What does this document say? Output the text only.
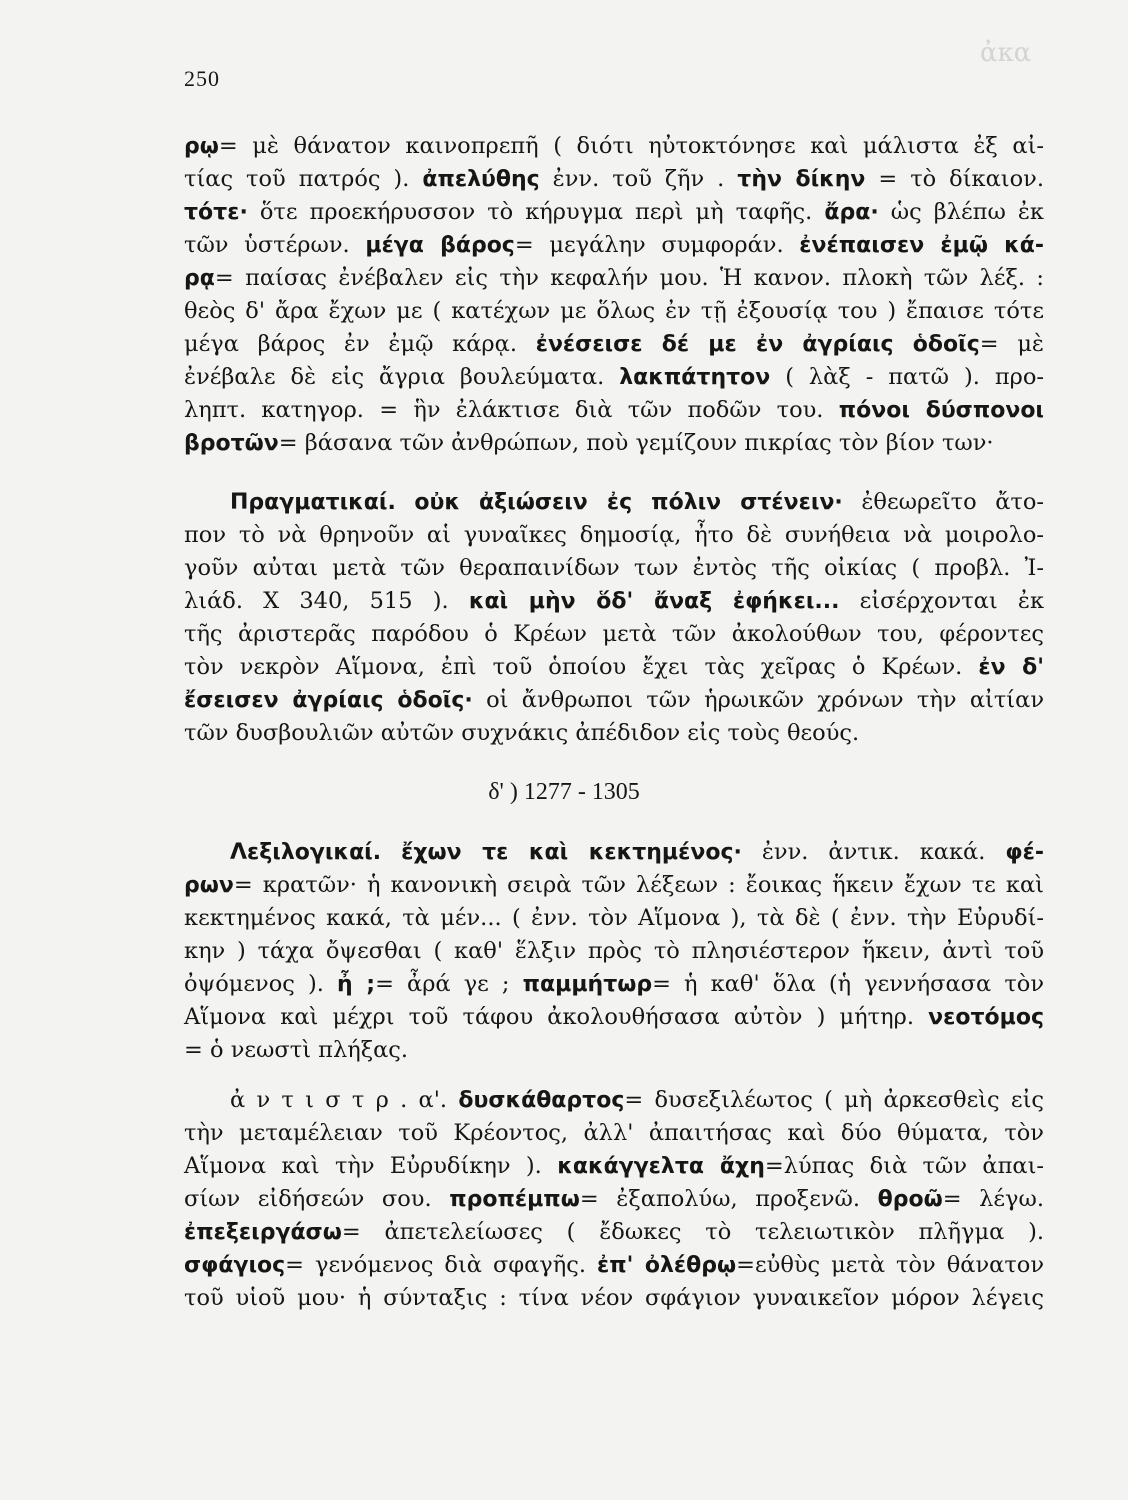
ἀκα
250
ρῳ= μὲ θάνατον καινοπρεπῆ ( διότι ηὐτοκτόνησε καὶ μάλιστα ἐξ αἰ-
τίας τοῦ πατρός ). ἀπελύθης ἐνν. τοῦ ζῆν . τὴν δίκην = τὸ δίκαιον.
τότε· ὅτε προεκήρυσσον τὸ κήρυγμα περὶ μὴ ταφῆς. ἄρα· ὡς βλέπω ἐκ
τῶν ὑστέρων. μέγα βάρος= μεγάλην συμφοράν. ἐνέπαισεν ἐμῷ κά-
ρᾳ= παίσας ἐνέβαλεν εἰς τὴν κεφαλήν μου. Ἡ κανον. πλοκὴ τῶν λέξ. :
θεὸς δ' ἄρα ἔχων με ( κατέχων με ὅλως ἐν τῇ ἐξουσίᾳ του ) ἔπαισε τότε
μέγα βάρος ἐν ἐμῷ κάρᾳ. ἐνέσεισε δέ με ἐν ἀγρίαις ὁδοῖς= μὲ
ἐνέβαλε δὲ εἰς ἄγρια βουλεύματα. λακπάτητον ( λὰξ - πατῶ ). προ-
ληπτ. κατηγορ. = ἣν ἐλάκτισε διὰ τῶν ποδῶν του. πόνοι δύσπονοι
βροτῶν= βάσανα τῶν ἀνθρώπων, ποὺ γεμίζουν πικρίας τὸν βίον των·
Πραγματικαί. οὐκ ἀξιώσειν ἐς πόλιν στένειν· ἐθεωρεῖτο ἄτο-
πον τὸ νὰ θρηνοῦν αἱ γυναῖκες δημοσίᾳ, ἦτο δὲ συνήθεια νὰ μοιρολο-
γοῦν αὐται μετὰ τῶν θεραπαινίδων των ἐντὸς τῆς οἰκίας ( προβλ. Ἰ-
λιάδ. X 340, 515 ). καὶ μὴν ὅδ' ἄναξ ἐφήκει... εἰσέρχονται ἐκ
τῆς ἀριστερᾶς παρόδου ὁ Κρέων μετὰ τῶν ἀκολούθων του, φέροντες
τὸν νεκρὸν Αἵμονα, ἐπὶ τοῦ ὁποίου ἔχει τὰς χεῖρας ὁ Κρέων. ἐν δ'
ἔσεισεν ἀγρίαις ὁδοῖς· οἱ ἄνθρωποι τῶν ἡρωικῶν χρόνων τὴν αἰτίαν
τῶν δυσβουλιῶν αὐτῶν συχνάκις ἀπέδιδον εἰς τοὺς θεούς.
δ' ) 1277 - 1305
Λεξιλογικαί. ἔχων τε καὶ κεκτημένος· ἐνν. ἀντικ. κακά. φέ-
ρων= κρατῶν· ἡ κανονικὴ σειρὰ τῶν λέξεων : ἔοικας ἥκειν ἔχων τε καὶ
κεκτημένος κακά, τὰ μέν... ( ἐνν. τὸν Αἵμονα ), τὰ δὲ ( ἐνν. τὴν Εὐρυδί-
κην ) τάχα ὄψεσθαι ( καθ' ἕλξιν πρὸς τὸ πλησιέστερον ἥκειν, ἀντὶ τοῦ
ὀψόμενος ). ἦ ;= ἆρά γε ; παμμήτωρ= ἡ καθ' ὅλα (ἡ γεννήσασα τὸν
Αἵμονα καὶ μέχρι τοῦ τάφου ἀκολουθήσασα αὐτὸν ) μήτηρ. νεοτόμος
= ὁ νεωστὶ πλήξας.
ἀ ν τ ι σ τ ρ . α'. δυσκάθαρτος= δυσεξιλέωτος ( μὴ ἀρκεσθεὶς εἰς
τὴν μεταμέλειαν τοῦ Κρέοντος, ἀλλ' ἀπαιτήσας καὶ δύο θύματα, τὸν
Αἵμονα καὶ τὴν Εὐρυδίκην ). κακάγγελτα ἄχη=λύπας διὰ τῶν ἀπαι-
σίων εἰδήσεών σου. προπέμπω= ἐξαπολύω, προξενῶ. θροῶ= λέγω.
ἐπεξειργάσω= ἀπετελείωσες ( ἔδωκες τὸ τελειωτικὸν πλῆγμα ).
σφάγιος= γενόμενος διὰ σφαγῆς. ἐπ' ὀλέθρῳ=εὐθὺς μετὰ τὸν θάνατον
τοῦ υἱοῦ μου· ἡ σύνταξις : τίνα νέον σφάγιον γυναικεῖον μόρον λέγεις
